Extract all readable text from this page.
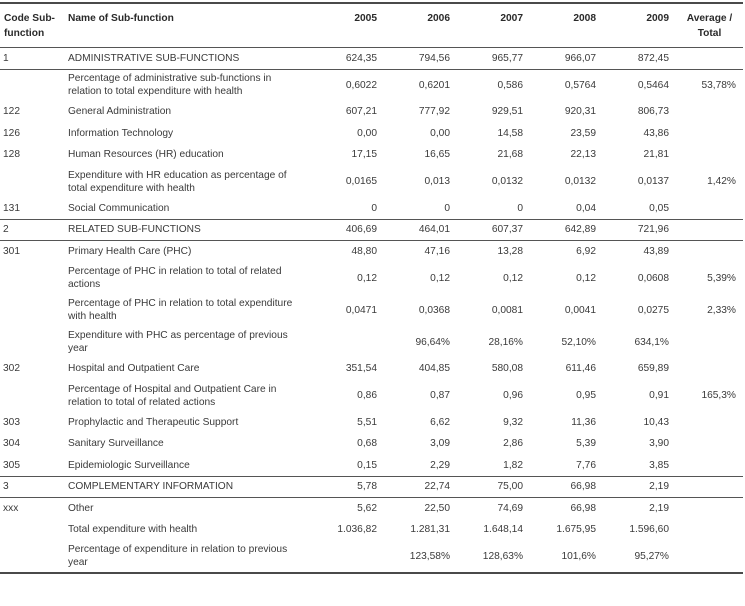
Code Sub-function	Name of Sub-function	2005	2006	2007	2008	2009	Average / Total
1	ADMINISTRATIVE SUB-FUNCTIONS	624,35	794,56	965,77	966,07	872,45	
	Percentage of administrative sub-functions in relation to total expenditure with health	0,6022	0,6201	0,586	0,5764	0,5464	53,78%
122	General Administration	607,21	777,92	929,51	920,31	806,73	
126	Information Technology	0,00	0,00	14,58	23,59	43,86	
128	Human Resources (HR) education	17,15	16,65	21,68	22,13	21,81	
	Expenditure with HR education as percentage of total expenditure with health	0,0165	0,013	0,0132	0,0132	0,0137	1,42%
131	Social Communication	0	0	0	0,04	0,05	
2	RELATED SUB-FUNCTIONS	406,69	464,01	607,37	642,89	721,96	
301	Primary Health Care (PHC)	48,80	47,16	13,28	6,92	43,89	
	Percentage of PHC in relation to total of related actions	0,12	0,12	0,12	0,12	0,0608	5,39%
	Percentage of PHC in relation to total expenditure with health	0,0471	0,0368	0,0081	0,0041	0,0275	2,33%
	Expenditure with PHC as percentage of previous year		96,64%	28,16%	52,10%	634,1%	
302	Hospital and Outpatient Care	351,54	404,85	580,08	611,46	659,89	
	Percentage of Hospital and Outpatient Care in relation to total of related actions	0,86	0,87	0,96	0,95	0,91	165,3%
303	Prophylactic and Therapeutic Support	5,51	6,62	9,32	11,36	10,43	
304	Sanitary Surveillance	0,68	3,09	2,86	5,39	3,90	
305	Epidemiologic Surveillance	0,15	2,29	1,82	7,76	3,85	
3	COMPLEMENTARY INFORMATION	5,78	22,74	75,00	66,98	2,19	
xxx	Other	5,62	22,50	74,69	66,98	2,19	
	Total expenditure with health	1.036,82	1.281,31	1.648,14	1.675,95	1.596,60	
	Percentage of expenditure in relation to previous year		123,58%	128,63%	101,6%	95,27%	
